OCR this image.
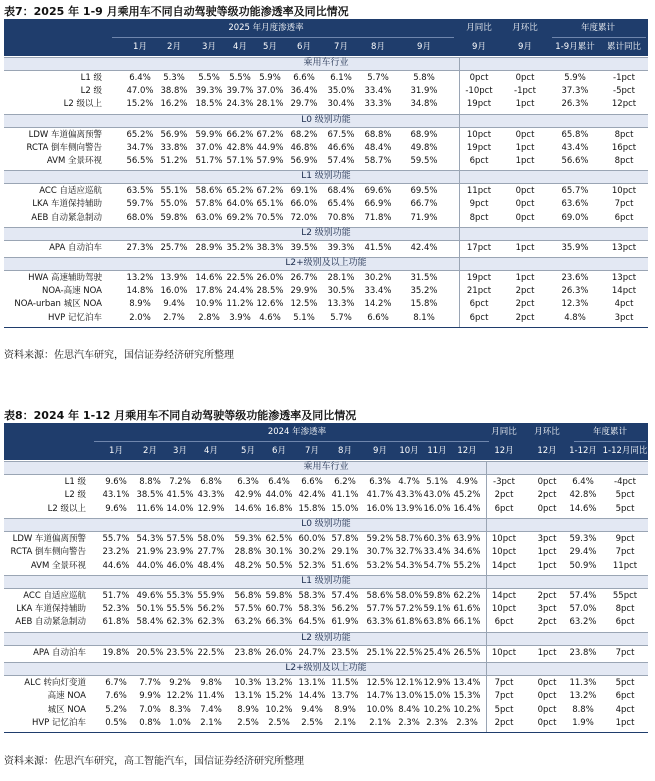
表7：2025 年 1-9 月乘用车不同自动驾驶等级功能渗透率及同比情况
2025 年月度渗透率	月同比 月环比	年度累计
1月 2月 3月 4月 5月 6月	7月	8月	9月	9月	9月	1-9月累计 累计同比
乘用车行业
L1 级	6.4% 5.3% 5.5% 5.5% 5.9% 6.6% 6.1% 5.7%	5.8%	0pct	0pct	5.9%	-1pct
L2 级	47.0% 38.8% 39.3% 39.7% 37.0% 36.4% 35.0% 33.4% 31.9%	-10pct	-1pct	37.3%	-5pct
L2 级以上	15.2% 16.2% 18.5% 24.3% 28.1% 29.7% 30.4% 33.3% 34.8%	19pct	1pct	26.3%	12pct
L0 级别功能
LDW 车道偏离预警	65.2% 56.9% 59.9% 66.2% 67.2% 68.2% 67.5% 68.8% 68.9%	10pct	0pct	65.8%	8pct
RCTA 倒车侧向警告	34.7% 33.8% 37.0% 42.8% 44.9% 46.8% 46.6% 48.4% 49.8%	19pct	1pct	43.4%	16pct
AVM 全景环视	56.5% 51.2% 51.7% 57.1% 57.9% 56.9% 57.4% 58.7% 59.5%	6pct	1pct	56.6%	8pct
L1 级别功能
ACC 自适应巡航	63.5% 55.1% 58.6% 65.2% 67.2% 69.1% 68.4% 69.6% 69.5%	11pct	0pct	65.7%	10pct
LKA 车道保持辅助	59.7% 55.0% 57.8% 64.0% 65.1% 66.0% 65.4% 66.9% 66.7%	9pct	0pct	63.6%	7pct
AEB 自动紧急制动	68.0% 59.8% 63.0% 69.2% 70.5% 72.0% 70.8% 71.8% 71.9%	8pct	0pct	69.0%	6pct
L2 级别功能
APA 自动泊车	27.3% 25.7% 28.9% 35.2% 38.3% 39.5% 39.3% 41.5% 42.4%	17pct	1pct	35.9%	13pct
L2+级别及以上功能
HWA 高速辅助驾驶	13.2% 13.9% 14.6% 22.5% 26.0% 26.7% 28.1% 30.2% 31.5%	19pct	1pct	23.6%	13pct
NOA-高速 NOA	14.8% 16.0% 17.8% 24.4% 28.5% 29.9% 30.5% 33.4% 35.2%	21pct	2pct	26.3%	14pct
NOA-urban 城区 NOA	8.9% 9.4% 10.9% 11.2% 12.6% 12.5% 13.3% 14.2% 15.8%	6pct	2pct	12.3%	4pct
HVP 记忆泊车	2.0% 2.7% 2.8% 3.9% 4.6% 5.1% 5.7% 6.6%	8.1%	6pct	2pct	4.8%	3pct
资料来源：佐思汽车研究，国信证券经济研究所整理
表8：2024 年 1-12 月乘用车不同自动驾驶等级功能渗透率及同比情况
2024 年渗透率	月同比 月环比	年度累计
1月 2月 3月 4月	5月 6月 7月 8月 9月 10月 11月 12月 12月	12月 1-12月 1-12月同比
乘用车行业
L1 级 9.6% 8.8% 7.2% 6.8% 6.3% 6.4% 6.6% 6.2% 6.3% 4.7% 5.1% 4.9% -3pct	0pct 6.4% -4pct
L2 级 43.1% 38.5% 41.5% 43.3% 42.9% 44.0% 42.4% 41.1% 41.7% 43.3% 43.0% 45.2% 2pct	2pct 42.8% 5pct
L2 级以上 9.6% 11.6% 14.0% 12.9% 14.6% 16.8% 15.8% 15.0% 16.0% 13.9% 16.0% 16.4% 6pct	0pct 14.6% 5pct
L0 级别功能
LDW 车道偏离预警 55.7% 54.3% 57.5% 58.0% 59.3% 62.5% 60.0% 57.8% 59.2% 58.7% 60.3% 63.9% 10pct	3pct 59.3% 9pct
RCTA 倒车侧向警告 23.2% 21.9% 23.9% 27.7% 28.8% 30.1% 30.2% 29.1% 30.7% 32.7% 33.4% 34.6% 10pct	1pct 29.4% 7pct
AVM 全景环视 44.6% 44.0% 46.0% 48.4% 48.2% 50.5% 52.3% 51.6% 53.2% 54.3% 54.7% 55.2% 14pct	1pct 50.9% 11pct
L1 级别功能
ACC 自适应巡航 51.7% 49.6% 55.3% 55.9% 56.8% 59.8% 58.3% 57.4% 58.6% 58.0% 59.8% 62.2% 14pct	2pct 57.4% 55pct
LKA 车道保持辅助 52.3% 50.1% 55.5% 56.2% 57.5% 60.7% 58.3% 56.2% 57.7% 57.2% 59.1% 61.6% 10pct	3pct 57.0% 8pct
AEB 自动紧急制动 61.8% 58.4% 62.3% 62.3% 63.2% 66.3% 64.5% 61.9% 63.3% 61.8% 63.8% 66.1% 6pct	2pct 63.2% 6pct
L2 级别功能
APA 自动泊车 19.8% 20.5% 23.5% 22.5% 23.8% 26.0% 24.7% 23.5% 25.1% 22.5% 25.4% 26.5% 10pct	1pct 23.8% 7pct
L2+级别及以上功能
ALC 转向灯变道 6.7% 7.7% 9.2% 9.8% 10.3% 13.2% 13.1% 11.5% 12.5% 12.1% 12.9% 13.4% 7pct	0pct 11.3% 5pct
高速 NOA 7.6% 9.9% 12.2% 11.4% 13.1% 15.2% 14.4% 13.7% 14.7% 13.0% 15.0% 15.3% 7pct	0pct 13.2% 6pct
城区 NOA 5.2% 7.0% 8.3% 7.4% 8.9% 10.2% 9.4% 8.9% 10.0% 8.4% 10.2% 10.2% 5pct	0pct 8.8%	4pct
HVP 记忆泊车 0.5% 0.8% 1.0% 2.1% 2.5% 2.5% 2.5% 2.1% 2.1% 2.3% 2.3% 2.3% 2pct	0pct 1.9%	1pct
资料来源：佐思汽车研究，高工智能汽车，国信证券经济研究所整理
